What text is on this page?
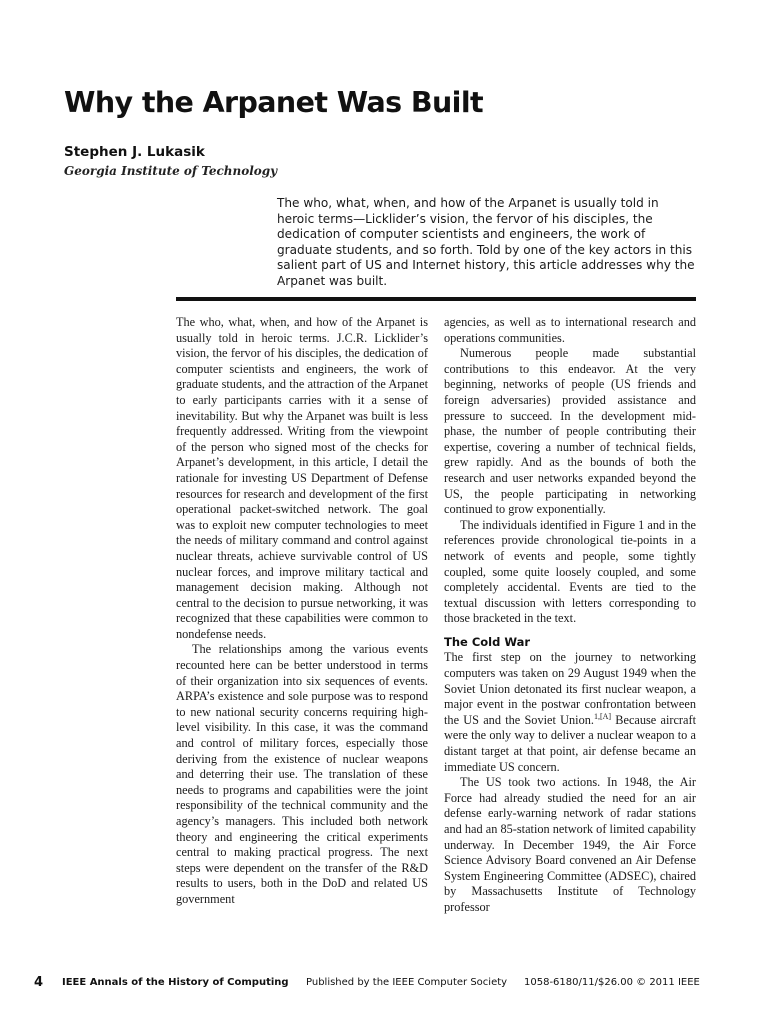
Why the Arpanet Was Built
Stephen J. Lukasik
Georgia Institute of Technology
The who, what, when, and how of the Arpanet is usually told in heroic terms—Licklider’s vision, the fervor of his disciples, the dedication of computer scientists and engineers, the work of graduate students, and so forth. Told by one of the key actors in this salient part of US and Internet history, this article addresses why the Arpanet was built.

The who, what, when, and how of the Arpanet is usually told in heroic terms. J.C.R. Licklider’s vision, the fervor of his disciples, the dedication of computer scientists and engineers, the work of graduate students, and the attraction of the Arpanet to early participants carries with it a sense of inevitability. But why the Arpanet was built is less frequently addressed. Writing from the viewpoint of the person who signed most of the checks for Arpanet’s development, in this article, I detail the rationale for investing US Department of Defense resources for research and development of the first operational packet-switched network. The goal was to exploit new computer technologies to meet the needs of military command and control against nuclear threats, achieve survivable control of US nuclear forces, and improve military tactical and management decision making. Although not central to the decision to pursue networking, it was recognized that these capabilities were common to nondefense needs.

The relationships among the various events recounted here can be better understood in terms of their organization into six sequences of events. ARPA’s existence and sole purpose was to respond to new national security concerns requiring high-level visibility. In this case, it was the command and control of military forces, especially those deriving from the existence of nuclear weapons and deterring their use. The translation of these needs to programs and capabilities were the joint responsibility of the technical community and the agency’s managers. This included both network theory and engineering the critical experiments central to making practical progress. The next steps were dependent on the transfer of the R&D results to users, both in the DoD and related US government

agencies, as well as to international research and operations communities.

Numerous people made substantial contributions to this endeavor. At the very beginning, networks of people (US friends and foreign adversaries) provided assistance and pressure to succeed. In the development mid-phase, the number of people contributing their expertise, covering a number of technical fields, grew rapidly. And as the bounds of both the research and user networks expanded beyond the US, the people participating in networking continued to grow exponentially.

The individuals identified in Figure 1 and in the references provide chronological tie-points in a network of events and people, some tightly coupled, some quite loosely coupled, and some completely accidental. Events are tied to the textual discussion with letters corresponding to those bracketed in the text.

The Cold War

The first step on the journey to networking computers was taken on 29 August 1949 when the Soviet Union detonated its first nuclear weapon, a major event in the postwar confrontation between the US and the Soviet Union.$^{1,[A]}$ Because aircraft were the only way to deliver a nuclear weapon to a distant target at that point, air defense became an immediate US concern.

The US took two actions. In 1948, the Air Force had already studied the need for an air defense early-warning network of radar stations and had an 85-station network of limited capability underway. In December 1949, the Air Force Science Advisory Board convened an Air Defense System Engineering Committee (ADSEC), chaired by Massachusetts Institute of Technology professor

4 IEEE Annals of the History of Computing Published by the IEEE Computer Society 1058-6180/11/$26.00 © 2011 IEEE
